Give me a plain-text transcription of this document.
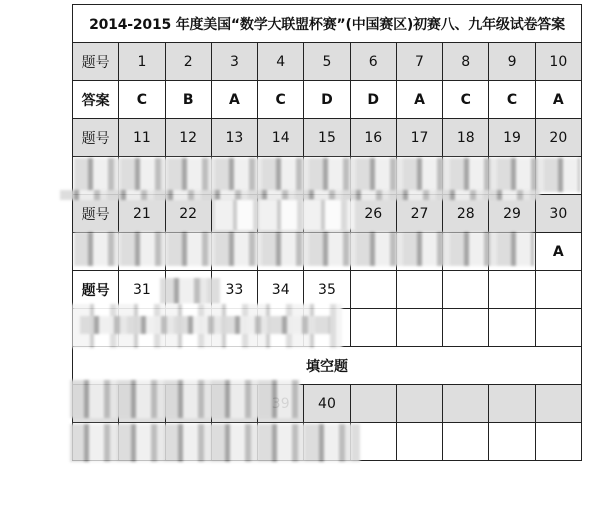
2014-2015 年度美国“数学大联盟杯赛”(中国赛区)初赛八、九年级试卷答案										
题号	1	2	3	4	5	6	7	8	9	10
答案	C	B	A	C	D	D	A	C	C	A
题号	11	12	13	14	15	16	17	18	19	20

题号	21	22				26	27	28	29	30
										A
题号	31		33	34	35					

填空题										
					40					
